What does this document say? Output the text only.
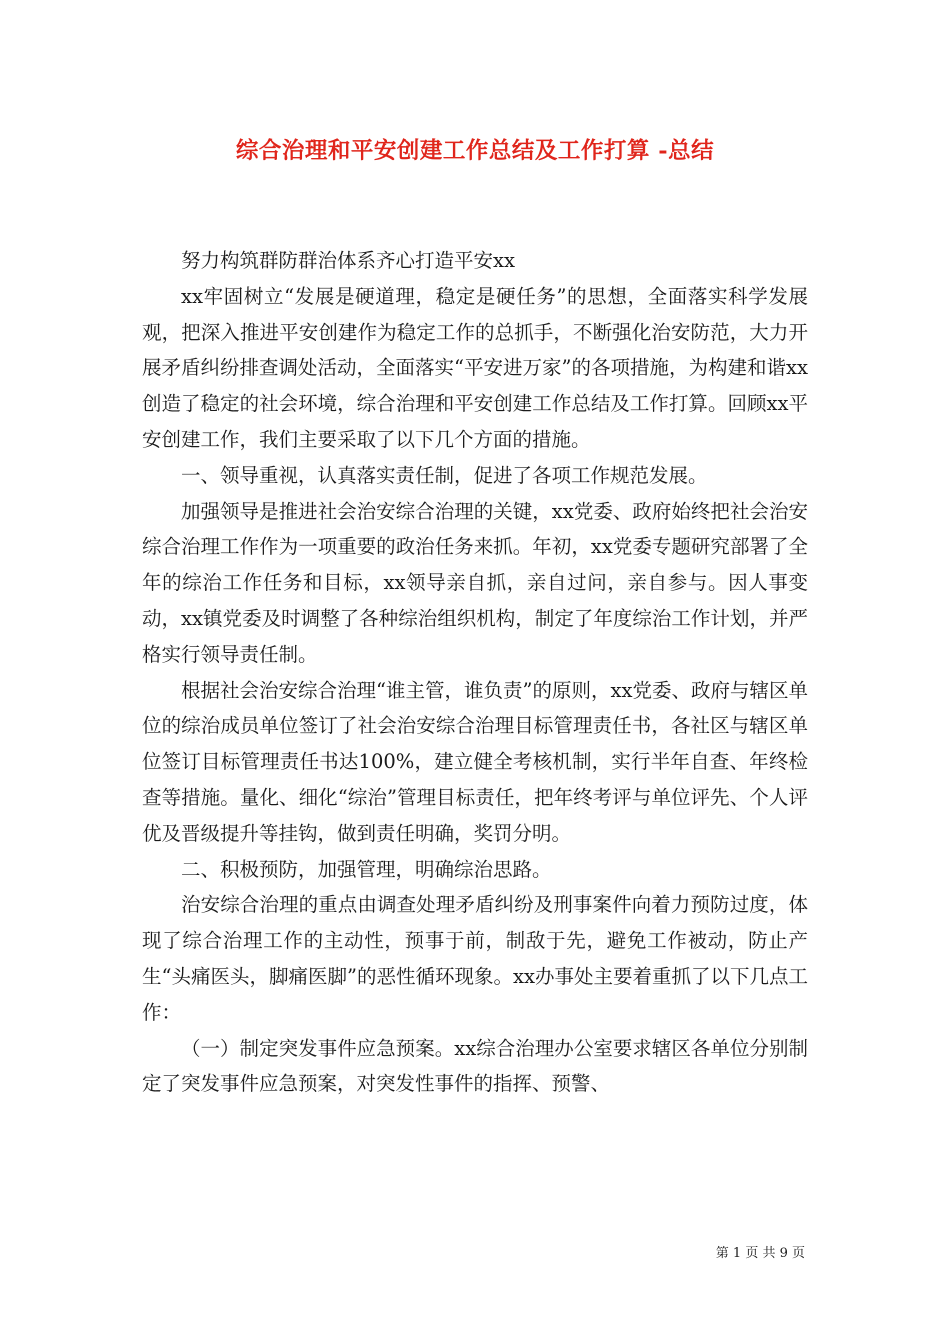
综合治理和平安创建工作总结及工作打算 -总结

努力构筑群防群治体系齐心打造平安xx

xx牢固树立“发展是硬道理，稳定是硬任务”的思想，全面落实科学发展观，把深入推进平安创建作为稳定工作的总抓手，不断强化治安防范，大力开展矛盾纠纷排查调处活动，全面落实“平安进万家”的各项措施，为构建和谐xx创造了稳定的社会环境，综合治理和平安创建工作总结及工作打算。回顾xx平安创建工作，我们主要采取了以下几个方面的措施。

一、领导重视，认真落实责任制，促进了各项工作规范发展。

加强领导是推进社会治安综合治理的关键，xx党委、政府始终把社会治安综合治理工作作为一项重要的政治任务来抓。年初，xx党委专题研究部署了全年的综治工作任务和目标，xx领导亲自抓，亲自过问，亲自参与。因人事变动，xx镇党委及时调整了各种综治组织机构，制定了年度综治工作计划，并严格实行领导责任制。

根据社会治安综合治理“谁主管，谁负责”的原则，xx党委、政府与辖区单位的综治成员单位签订了社会治安综合治理目标管理责任书，各社区与辖区单位签订目标管理责任书达100%，建立健全考核机制，实行半年自查、年终检查等措施。量化、细化“综治”管理目标责任，把年终考评与单位评先、个人评优及晋级提升等挂钩，做到责任明确，奖罚分明。

二、积极预防，加强管理，明确综治思路。

治安综合治理的重点由调查处理矛盾纠纷及刑事案件向着力预防过度，体现了综合治理工作的主动性，预事于前，制敌于先，避免工作被动，防止产生“头痛医头，脚痛医脚”的恶性循环现象。xx办事处主要着重抓了以下几点工作：

（一）制定突发事件应急预案。xx综合治理办公室要求辖区各单位分别制定了突发事件应急预案，对突发性事件的指挥、预警、

第 1 页 共 9 页
